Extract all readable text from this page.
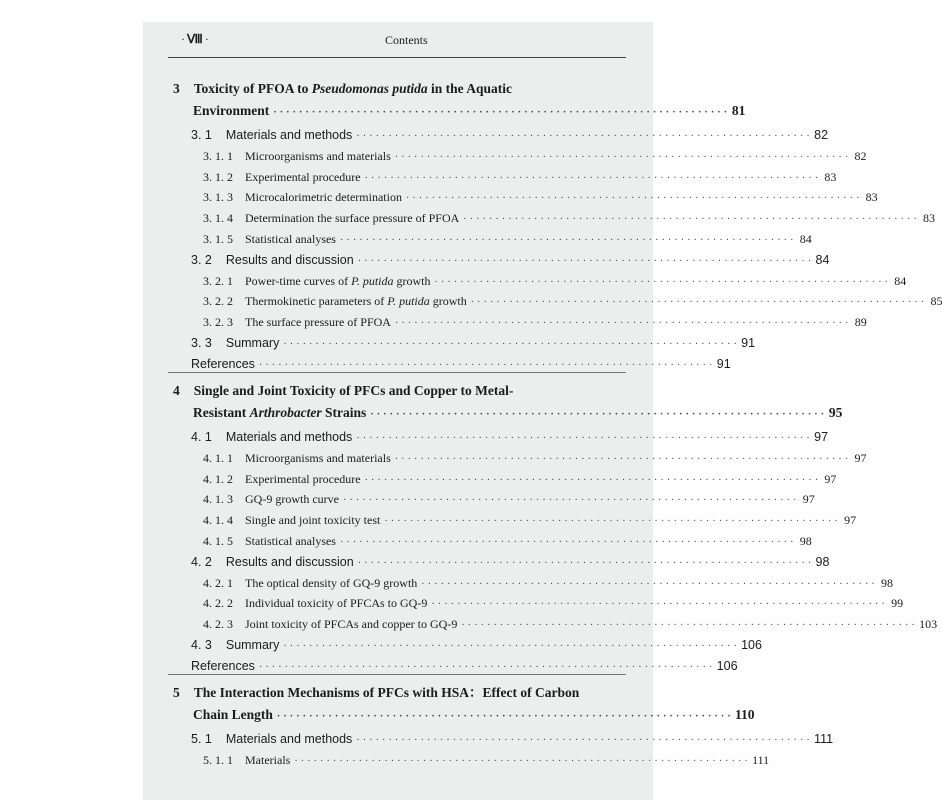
·Ⅷ·	Contents
3 Toxicity of PFOA to Pseudomonas putida in the Aquatic
Environment · · · · · · · · · · · · · · · · · · · · · · · · · · · · · · · · · · · · · · · · · · · · · · · · · · · · · · · · · · · · · · · · · · · · · · · 81
3. 1 Materials and methods · · · · · · · · · · · · · · · · · · · · · · · · · · · · · · · · · · · · · · · · · · · · · · · · · · · · · · · · · · · · · · · · · · · · · · · 82
3. 1. 1 Microorganisms and materials · · · · · · · · · · · · · · · · · · · · · · · · · · · · · · · · · · · · · · · · · · · · · · · · · · · · · · · · · · · · · · · · · · · · · · · 82
3. 1. 2 Experimental procedure · · · · · · · · · · · · · · · · · · · · · · · · · · · · · · · · · · · · · · · · · · · · · · · · · · · · · · · · · · · · · · · · · · · · · · · 83
3. 1. 3 Microcalorimetric determination · · · · · · · · · · · · · · · · · · · · · · · · · · · · · · · · · · · · · · · · · · · · · · · · · · · · · · · · · · · · · · · · · · · · · · · 83
3. 1. 4 Determination the surface pressure of PFOA · · · · · · · · · · · · · · · · · · · · · · · · · · · · · · · · · · · · · · · · · · · · · · · · · · · · · · · · · · · · · · · · · · · · · · · 83
3. 1. 5 Statistical analyses · · · · · · · · · · · · · · · · · · · · · · · · · · · · · · · · · · · · · · · · · · · · · · · · · · · · · · · · · · · · · · · · · · · · · · · 84
3. 2 Results and discussion · · · · · · · · · · · · · · · · · · · · · · · · · · · · · · · · · · · · · · · · · · · · · · · · · · · · · · · · · · · · · · · · · · · · · · · 84
3. 2. 1 Power-time curves of P. putida growth · · · · · · · · · · · · · · · · · · · · · · · · · · · · · · · · · · · · · · · · · · · · · · · · · · · · · · · · · · · · · · · · · · · · · · · 84
3. 2. 2 Thermokinetic parameters of P. putida growth · · · · · · · · · · · · · · · · · · · · · · · · · · · · · · · · · · · · · · · · · · · · · · · · · · · · · · · · · · · · · · · · · · · · · · · 85
3. 2. 3 The surface pressure of PFOA · · · · · · · · · · · · · · · · · · · · · · · · · · · · · · · · · · · · · · · · · · · · · · · · · · · · · · · · · · · · · · · · · · · · · · · 89
3. 3 Summary · · · · · · · · · · · · · · · · · · · · · · · · · · · · · · · · · · · · · · · · · · · · · · · · · · · · · · · · · · · · · · · · · · · · · · · 91
References · · · · · · · · · · · · · · · · · · · · · · · · · · · · · · · · · · · · · · · · · · · · · · · · · · · · · · · · · · · · · · · · · · · · · · · 91
4 Single and Joint Toxicity of PFCs and Copper to Metal-
Resistant Arthrobacter Strains · · · · · · · · · · · · · · · · · · · · · · · · · · · · · · · · · · · · · · · · · · · · · · · · · · · · · · · · · · · · · · · · · · · · · · · 95
4. 1 Materials and methods · · · · · · · · · · · · · · · · · · · · · · · · · · · · · · · · · · · · · · · · · · · · · · · · · · · · · · · · · · · · · · · · · · · · · · · 97
4. 1. 1 Microorganisms and materials · · · · · · · · · · · · · · · · · · · · · · · · · · · · · · · · · · · · · · · · · · · · · · · · · · · · · · · · · · · · · · · · · · · · · · · 97
4. 1. 2 Experimental procedure · · · · · · · · · · · · · · · · · · · · · · · · · · · · · · · · · · · · · · · · · · · · · · · · · · · · · · · · · · · · · · · · · · · · · · · 97
4. 1. 3 GQ-9 growth curve · · · · · · · · · · · · · · · · · · · · · · · · · · · · · · · · · · · · · · · · · · · · · · · · · · · · · · · · · · · · · · · · · · · · · · · 97
4. 1. 4 Single and joint toxicity test · · · · · · · · · · · · · · · · · · · · · · · · · · · · · · · · · · · · · · · · · · · · · · · · · · · · · · · · · · · · · · · · · · · · · · · 97
4. 1. 5 Statistical analyses · · · · · · · · · · · · · · · · · · · · · · · · · · · · · · · · · · · · · · · · · · · · · · · · · · · · · · · · · · · · · · · · · · · · · · · 98
4. 2 Results and discussion · · · · · · · · · · · · · · · · · · · · · · · · · · · · · · · · · · · · · · · · · · · · · · · · · · · · · · · · · · · · · · · · · · · · · · · 98
4. 2. 1 The optical density of GQ-9 growth · · · · · · · · · · · · · · · · · · · · · · · · · · · · · · · · · · · · · · · · · · · · · · · · · · · · · · · · · · · · · · · · · · · · · · · 98
4. 2. 2 Individual toxicity of PFCAs to GQ-9 · · · · · · · · · · · · · · · · · · · · · · · · · · · · · · · · · · · · · · · · · · · · · · · · · · · · · · · · · · · · · · · · · · · · · · · 99
4. 2. 3 Joint toxicity of PFCAs and copper to GQ-9 · · · · · · · · · · · · · · · · · · · · · · · · · · · · · · · · · · · · · · · · · · · · · · · · · · · · · · · · · · · · · · · · · · · · · · · 103
4. 3 Summary · · · · · · · · · · · · · · · · · · · · · · · · · · · · · · · · · · · · · · · · · · · · · · · · · · · · · · · · · · · · · · · · · · · · · · · 106
References · · · · · · · · · · · · · · · · · · · · · · · · · · · · · · · · · · · · · · · · · · · · · · · · · · · · · · · · · · · · · · · · · · · · · · · 106
5 The Interaction Mechanisms of PFCs with HSA：Effect of Carbon
Chain Length · · · · · · · · · · · · · · · · · · · · · · · · · · · · · · · · · · · · · · · · · · · · · · · · · · · · · · · · · · · · · · · · · · · · · · · 110
5. 1 Materials and methods · · · · · · · · · · · · · · · · · · · · · · · · · · · · · · · · · · · · · · · · · · · · · · · · · · · · · · · · · · · · · · · · · · · · · · · 111
5. 1. 1 Materials · · · · · · · · · · · · · · · · · · · · · · · · · · · · · · · · · · · · · · · · · · · · · · · · · · · · · · · · · · · · · · · · · · · · · · · 111
